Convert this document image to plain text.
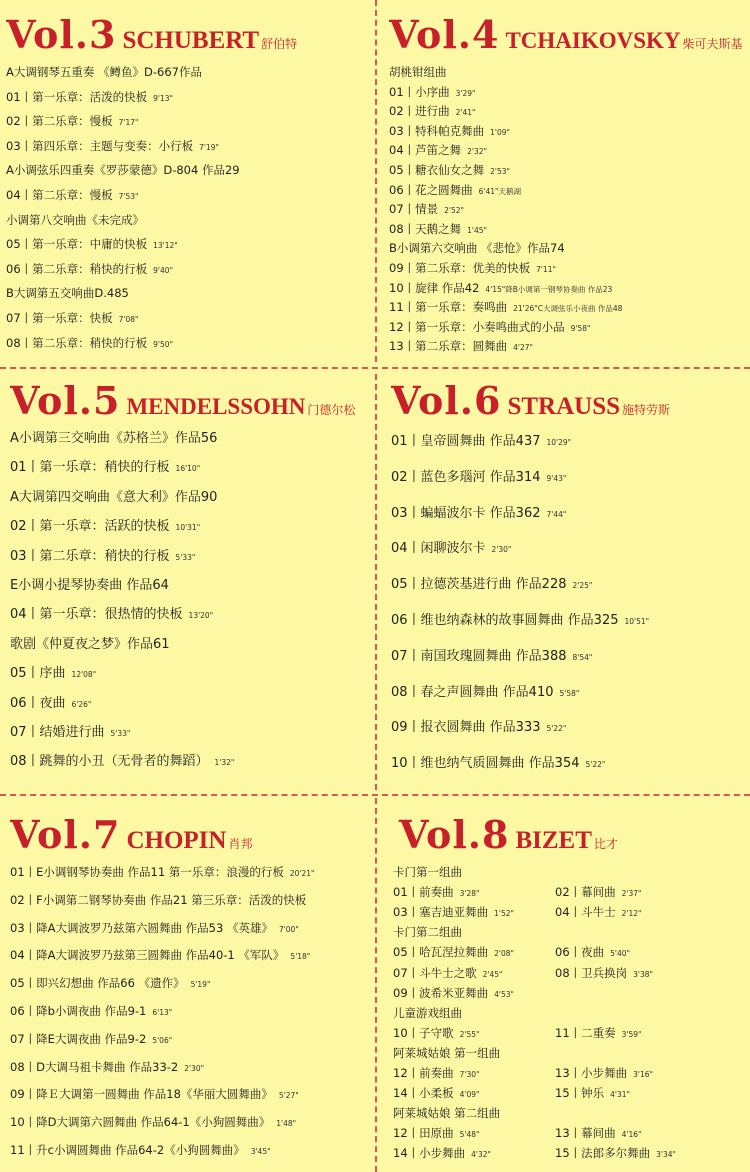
Vol.3 SCHUBERT 舒伯特
A大调钢琴五重奏 《鳟鱼》D-667作品
01丨第一乐章：活泼的快板 9'13"
02丨第二乐章：慢板 7'17"
03丨第四乐章：主题与变奏：小行板 7'19"
A小调弦乐四重奏《罗莎蒙德》D-804 作品29
04丨第二乐章：慢板 7'53"
小调第八交响曲《未完成》
05丨第一乐章：中庸的快板 13'12"
06丨第二乐章：稍快的行板 9'40"
B大调第五交响曲D.485
07丨第一乐章：快板 7'08"
08丨第二乐章：稍快的行板 9'50"
Vol.4 TCHAIKOVSKY 柴可夫斯基
胡桃钳组曲
01丨小序曲 3'29"
02丨进行曲 2'41"
03丨特科帕克舞曲 1'09"
04丨芦笛之舞 2'32"
05丨糖衣仙女之舞 2'53"
06丨花之圆舞曲 6'41"天鹅湖
07丨情景 2'52"
08丨天鹅之舞 1'45"
B小调第六交响曲 《悲怆》作品74
09丨第二乐章：优美的快板 7'11"
10丨旋律 作品42 4'15"降B小调第一钢琴协奏曲 作品23
11丨第一乐章：奏鸣曲 21'26"C大调弦乐小夜曲 作品48
12丨第一乐章：小奏鸣曲式的小品 9'58"
13丨第二乐章：圆舞曲 4'27"
Vol.5 MENDELSSOHN 门德尔松
A小调第三交响曲《苏格兰》作品56
01丨第一乐章：稍快的行板 16'10"
A大调第四交响曲《意大利》作品90
02丨第一乐章：活跃的快板 10'31"
03丨第二乐章：稍快的行板 5'33"
E小调小提琴协奏曲 作品64
04丨第一乐章：很热情的快板 13'20"
歌剧《仲夏夜之梦》作品61
05丨序曲 12'08"
06丨夜曲 6'26"
07丨结婚进行曲 5'33"
08丨跳舞的小丑（无骨者的舞蹈） 1'32"
Vol.6 STRAUSS 施特劳斯
01丨皇帝圆舞曲 作品437 10'29"
02丨蓝色多瑙河 作品314 9'43"
03丨蝙蝠波尔卡 作品362 7'44"
04丨闲聊波尔卡 2'30"
05丨拉德茨基进行曲 作品228 2'25"
06丨维也纳森林的故事圆舞曲 作品325 10'51"
07丨南国玫瑰圆舞曲 作品388 8'54"
08丨春之声圆舞曲 作品410 5'58"
09丨报衣圆舞曲 作品333 5'22"
10丨维也纳气质圆舞曲 作品354 5'22"
Vol.7 CHOPIN 肖邦
01丨E小调钢琴协奏曲 作品11 第一乐章：浪漫的行板 20'21"
02丨F小调第二钢琴协奏曲 作品21 第三乐章：活泼的快板
03丨降A大调波罗乃兹第六圆舞曲 作品53 《英雄》 7'00"
04丨降A大调波罗乃兹第三圆舞曲 作品40-1 《军队》 5'18"
05丨即兴幻想曲 作品66 《遗作》 5'19"
06丨降b小调夜曲 作品9-1 6'13"
07丨降E大调夜曲 作品9-2 5'06"
08丨D大调马祖卡舞曲 作品33-2 2'30"
09丨降Ｅ大调第一圆舞曲 作品18《华丽大圆舞曲》 5'27"
10丨降D大调第六圆舞曲 作品64-1《小狗圆舞曲》 1'48"
11丨升c小调圆舞曲 作品64-2《小狗圆舞曲》 3'45"
Vol.8 BIZET 比才
卡门第一组曲
01丨前奏曲 3'28"	02丨幕间曲 2'37"
03丨塞吉迪亚舞曲 1'52"	04丨斗牛士 2'12"
卡门第二组曲
05丨哈瓦涅拉舞曲 2'08"	06丨夜曲 5'40"
07丨斗牛士之歌 2'45"	08丨卫兵换岗 3'38"
09丨波希米亚舞曲 4'53"
儿童游戏组曲
10丨子守歌 2'55"	11丨二重奏 3'59"
阿莱城姑娘 第一组曲
12丨前奏曲 7'30"	13丨小步舞曲 3'16"
14丨小柔板 4'09"	15丨钟乐 4'31"
阿莱城姑娘 第二组曲
12丨田原曲 5'48"	13丨幕间曲 4'16"
14丨小步舞曲 4'32"	15丨法郎多尔舞曲 3'34"
